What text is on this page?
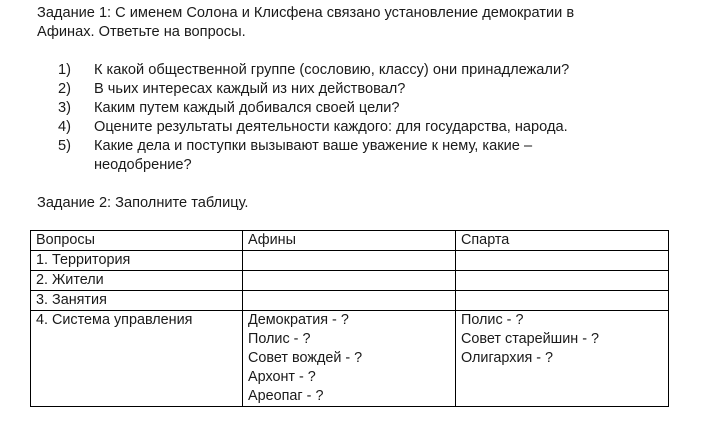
Задание 1: С именем Солона и Клисфена связано установление демократии в
Афинах. Ответьте на вопросы.
1) К какой общественной группе (сословию, классу) они принадлежали?
2) В чьих интересах каждый из них действовал?
3) Каким путем каждый добивался своей цели?
4) Оцените результаты деятельности каждого: для государства, народа.
5) Какие дела и поступки вызывают ваше уважение к нему, какие –
неодобрение?
Задание 2: Заполните таблицу.
Вопросы	Афины	Спарта
1. Территория		
2. Жители		
3. Занятия		
4. Система управления	Демократия - ?
Полис - ?
Совет вождей - ?
Архонт - ?
Ареопаг - ?	Полис - ?
Совет старейшин - ?
Олигархия - ?
